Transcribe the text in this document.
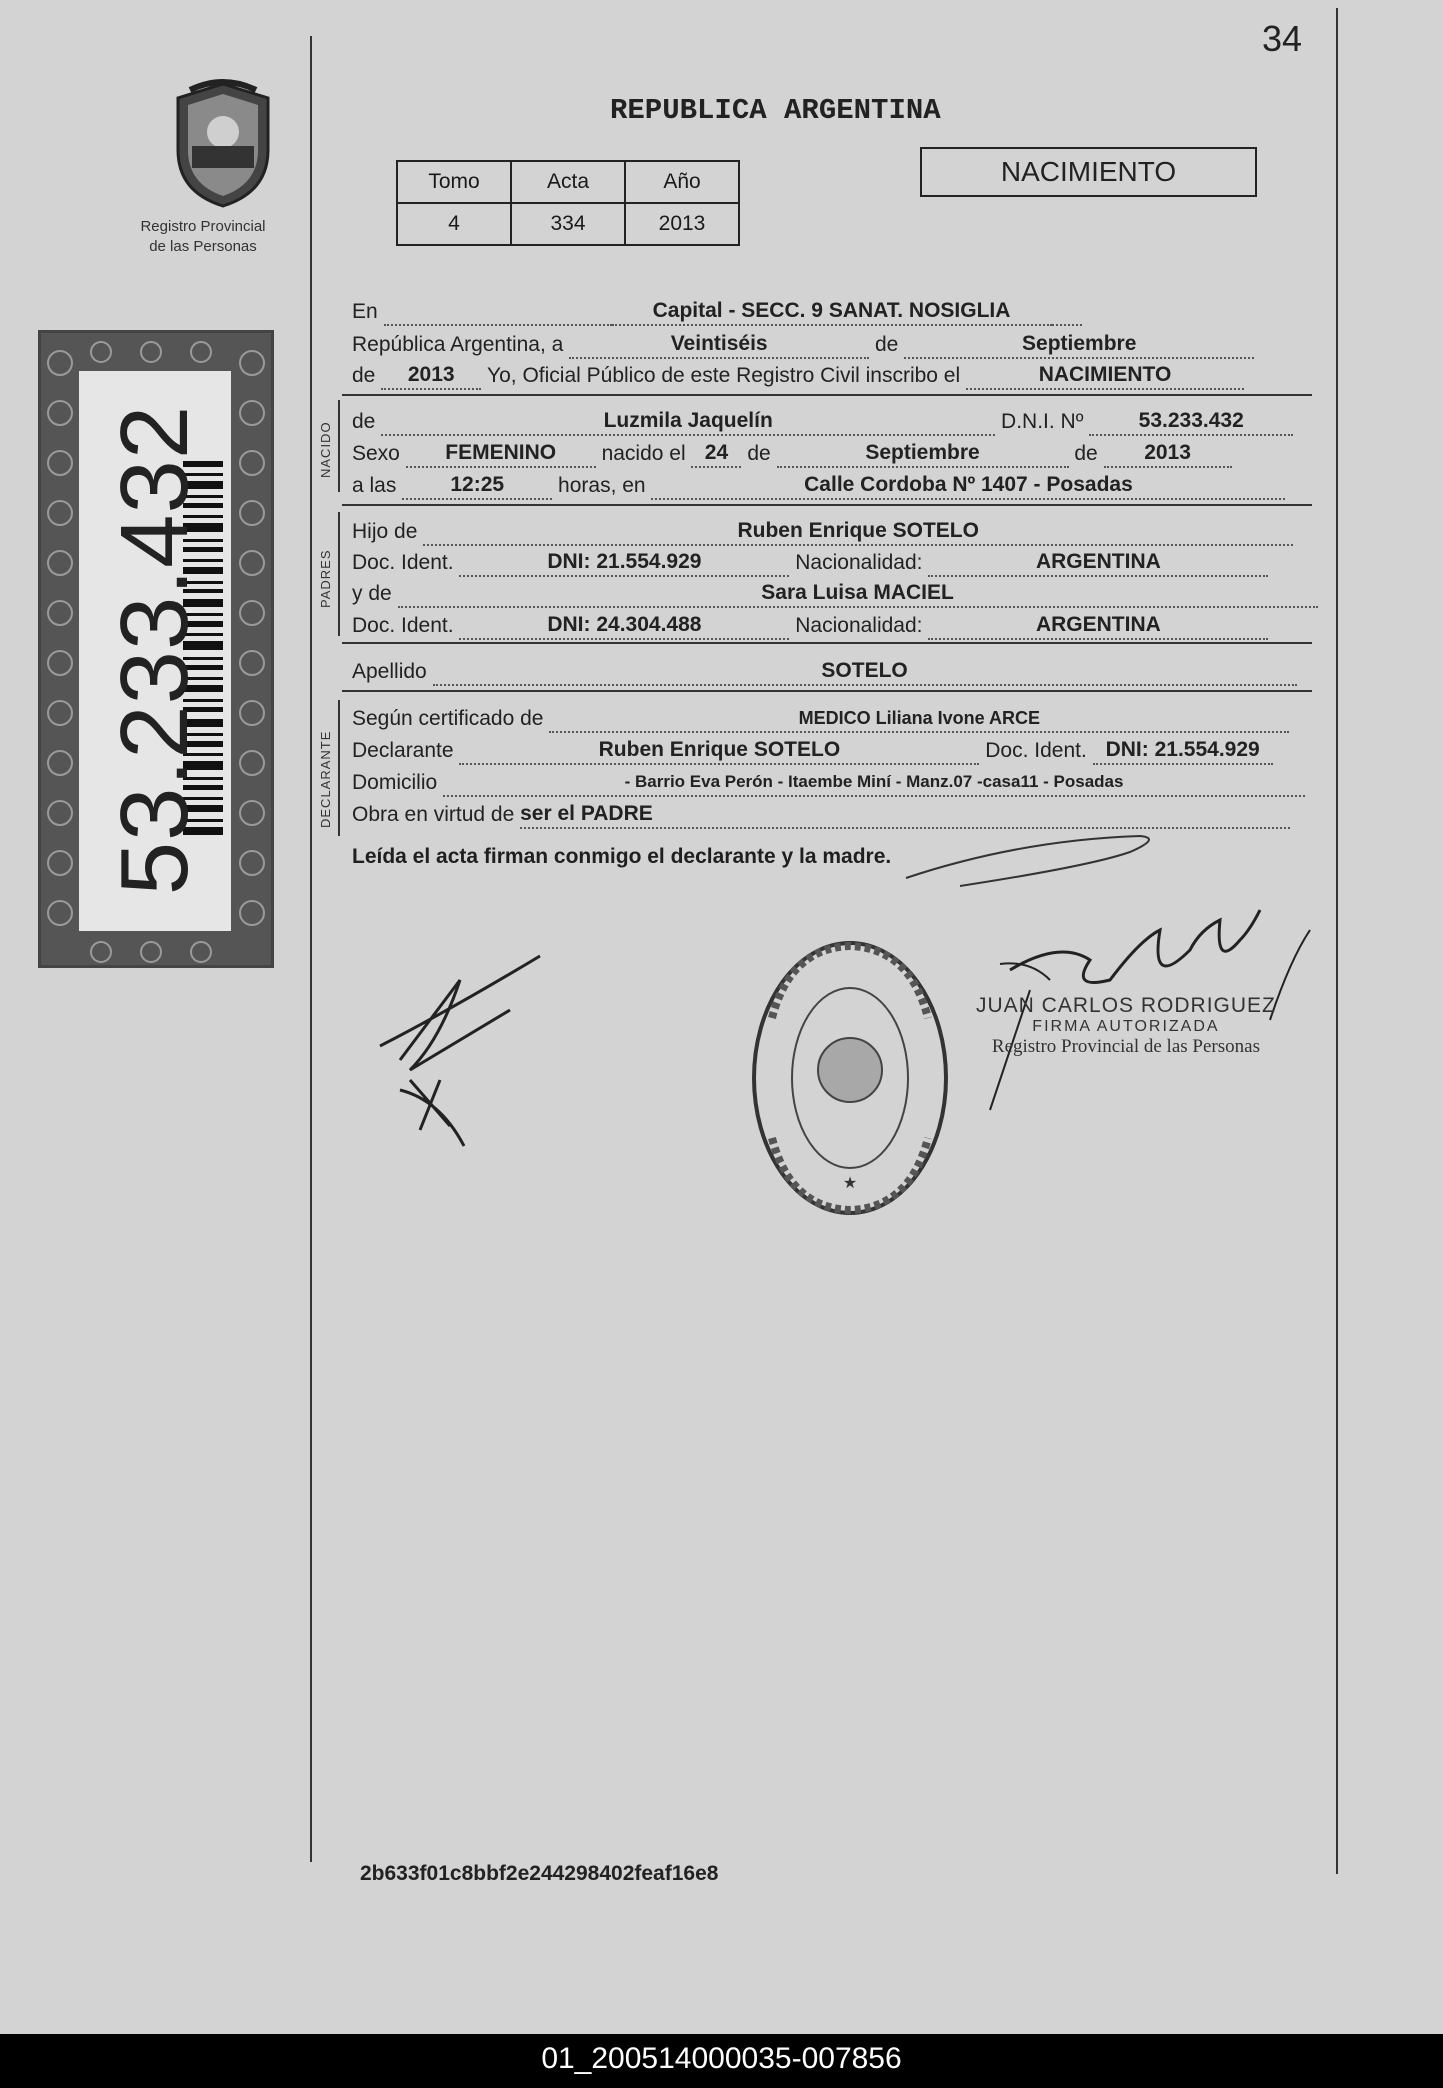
34
Registro Provincial
de las Personas
53.233.432
REPUBLICA ARGENTINA
Tomo	Acta	Año
4	334	2013
NACIMIENTO
En	Capital - SECC. 9 SANAT. NOSIGLIA
República Argentina, a	Veintiséis	de	Septiembre
de 2013 Yo, Oficial Público de este Registro Civil inscribo el	NACIMIENTO
NACIDO de	Luzmila Jaquelín	D.N.I. Nº	53.233.432
Sexo FEMENINO nacido el 24 de	Septiembre	de 2013
a las	12:25	horas, en	Calle Cordoba Nº 1407 - Posadas
PADRES
Hijo de	Ruben Enrique SOTELO
Doc. Ident.	DNI: 21.554.929	Nacionalidad:	ARGENTINA
y de	Sara Luisa MACIEL
Doc. Ident.	DNI: 24.304.488	Nacionalidad:	ARGENTINA
Apellido	SOTELO
DECLARANTE
Según certificado de	MEDICO Liliana Ivone ARCE
Declarante	Ruben Enrique SOTELO	Doc. Ident. DNI: 21.554.929
Domicilio	- Barrio Eva Perón - Itaembe Miní - Manz.07 -casa11 - Posadas
Obra en virtud de ser el PADRE
Leída el acta firman conmigo el declarante y la madre.
★
JUAN CARLOS RODRIGUEZ
FIRMA AUTORIZADA
Registro Provincial de las Personas
2b633f01c8bbf2e244298402feaf16e8
01_200514000035-007856
